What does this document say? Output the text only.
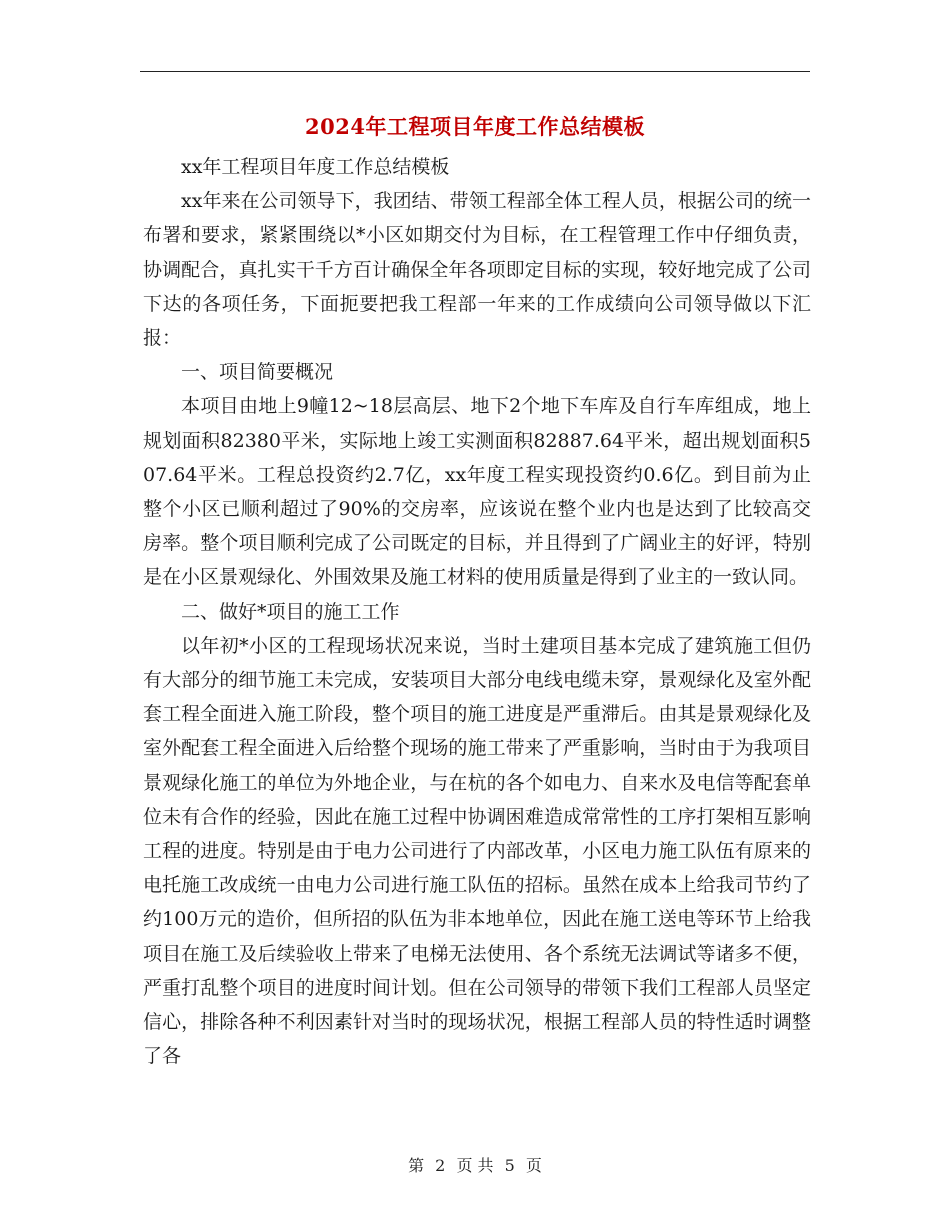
2024年工程项目年度工作总结模板

xx年工程项目年度工作总结模板

xx年来在公司领导下，我团结、带领工程部全体工程人员，根据公司的统一布署和要求，紧紧围绕以*小区如期交付为目标，在工程管理工作中仔细负责，协调配合，真扎实干千方百计确保全年各项即定目标的实现，较好地完成了公司下达的各项任务，下面扼要把我工程部一年来的工作成绩向公司领导做以下汇报：

一、项目简要概况

本项目由地上9幢12~18层高层、地下2个地下车库及自行车库组成，地上规划面积82380平米，实际地上竣工实测面积82887.64平米，超出规划面积507.64平米。工程总投资约2.7亿，xx年度工程实现投资约0.6亿。到目前为止整个小区已顺利超过了90%的交房率，应该说在整个业内也是达到了比较高交房率。整个项目顺利完成了公司既定的目标，并且得到了广阔业主的好评，特别是在小区景观绿化、外围效果及施工材料的使用质量是得到了业主的一致认同。

二、做好*项目的施工工作

以年初*小区的工程现场状况来说，当时土建项目基本完成了建筑施工但仍有大部分的细节施工未完成，安装项目大部分电线电缆未穿，景观绿化及室外配套工程全面进入施工阶段，整个项目的施工进度是严重滞后。由其是景观绿化及室外配套工程全面进入后给整个现场的施工带来了严重影响，当时由于为我项目景观绿化施工的单位为外地企业，与在杭的各个如电力、自来水及电信等配套单位未有合作的经验，因此在施工过程中协调困难造成常常性的工序打架相互影响工程的进度。特别是由于电力公司进行了内部改革，小区电力施工队伍有原来的电托施工改成统一由电力公司进行施工队伍的招标。虽然在成本上给我司节约了约100万元的造价，但所招的队伍为非本地单位，因此在施工送电等环节上给我项目在施工及后续验收上带来了电梯无法使用、各个系统无法调试等诸多不便，严重打乱整个项目的进度时间计划。但在公司领导的带领下我们工程部人员坚定信心，排除各种不利因素针对当时的现场状况，根据工程部人员的特性适时调整了各

第 2 页 共 5 页
